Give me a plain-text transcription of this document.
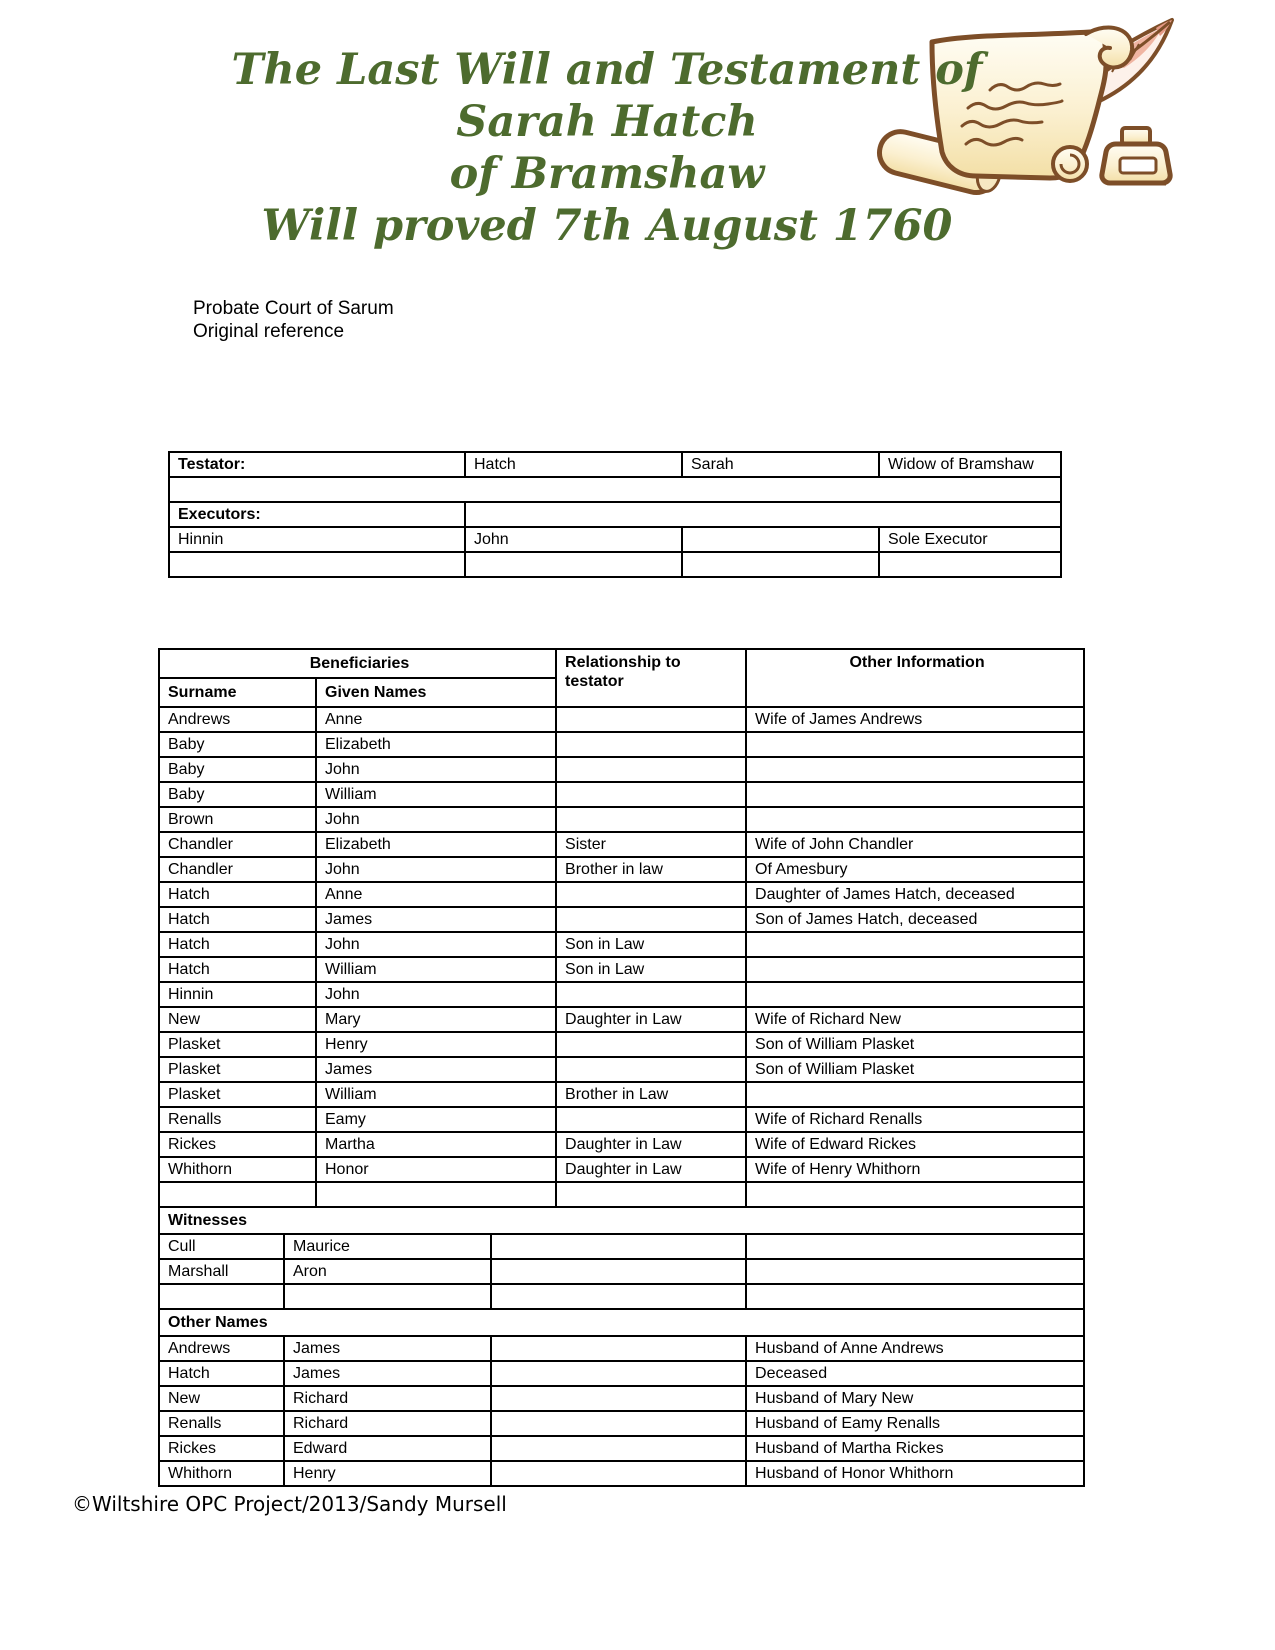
The Last Will and Testament of
Sarah Hatch
of Bramshaw
Will proved 7th August 1760
Probate Court of Sarum
Original reference
Testator:	Hatch	Sarah	Widow of Bramshaw

Executors:			
Hinnin	John		Sole Executor

Beneficiaries				Relationship to testator	Other Information
Surname		Given Names			
Andrews		Anne			Wife of James Andrews
Baby		Elizabeth			
Baby		John			
Baby		William			
Brown		John			
Chandler		Elizabeth		Sister	Wife of John Chandler
Chandler		John		Brother in law	Of Amesbury
Hatch		Anne			Daughter of James Hatch, deceased
Hatch		James			Son of James Hatch, deceased
Hatch		John		Son in Law	
Hatch		William		Son in Law	
Hinnin		John			
New		Mary		Daughter in Law	Wife of Richard New
Plasket		Henry			Son of William Plasket
Plasket		James			Son of William Plasket
Plasket		William		Brother in Law	
Renalls		Eamy			Wife of Richard Renalls
Rickes		Martha		Daughter in Law	Wife of Edward Rickes
Whithorn		Honor		Daughter in Law	Wife of Henry Whithorn

Witnesses					
Cull	Maurice				
Marshall	Aron				

Other Names					
Andrews	James				Husband of Anne Andrews
Hatch	James				Deceased
New	Richard				Husband of Mary New
Renalls	Richard				Husband of Eamy Renalls
Rickes	Edward				Husband of Martha Rickes
Whithorn	Henry				Husband of Honor Whithorn
©Wiltshire OPC Project/2013/Sandy Mursell
